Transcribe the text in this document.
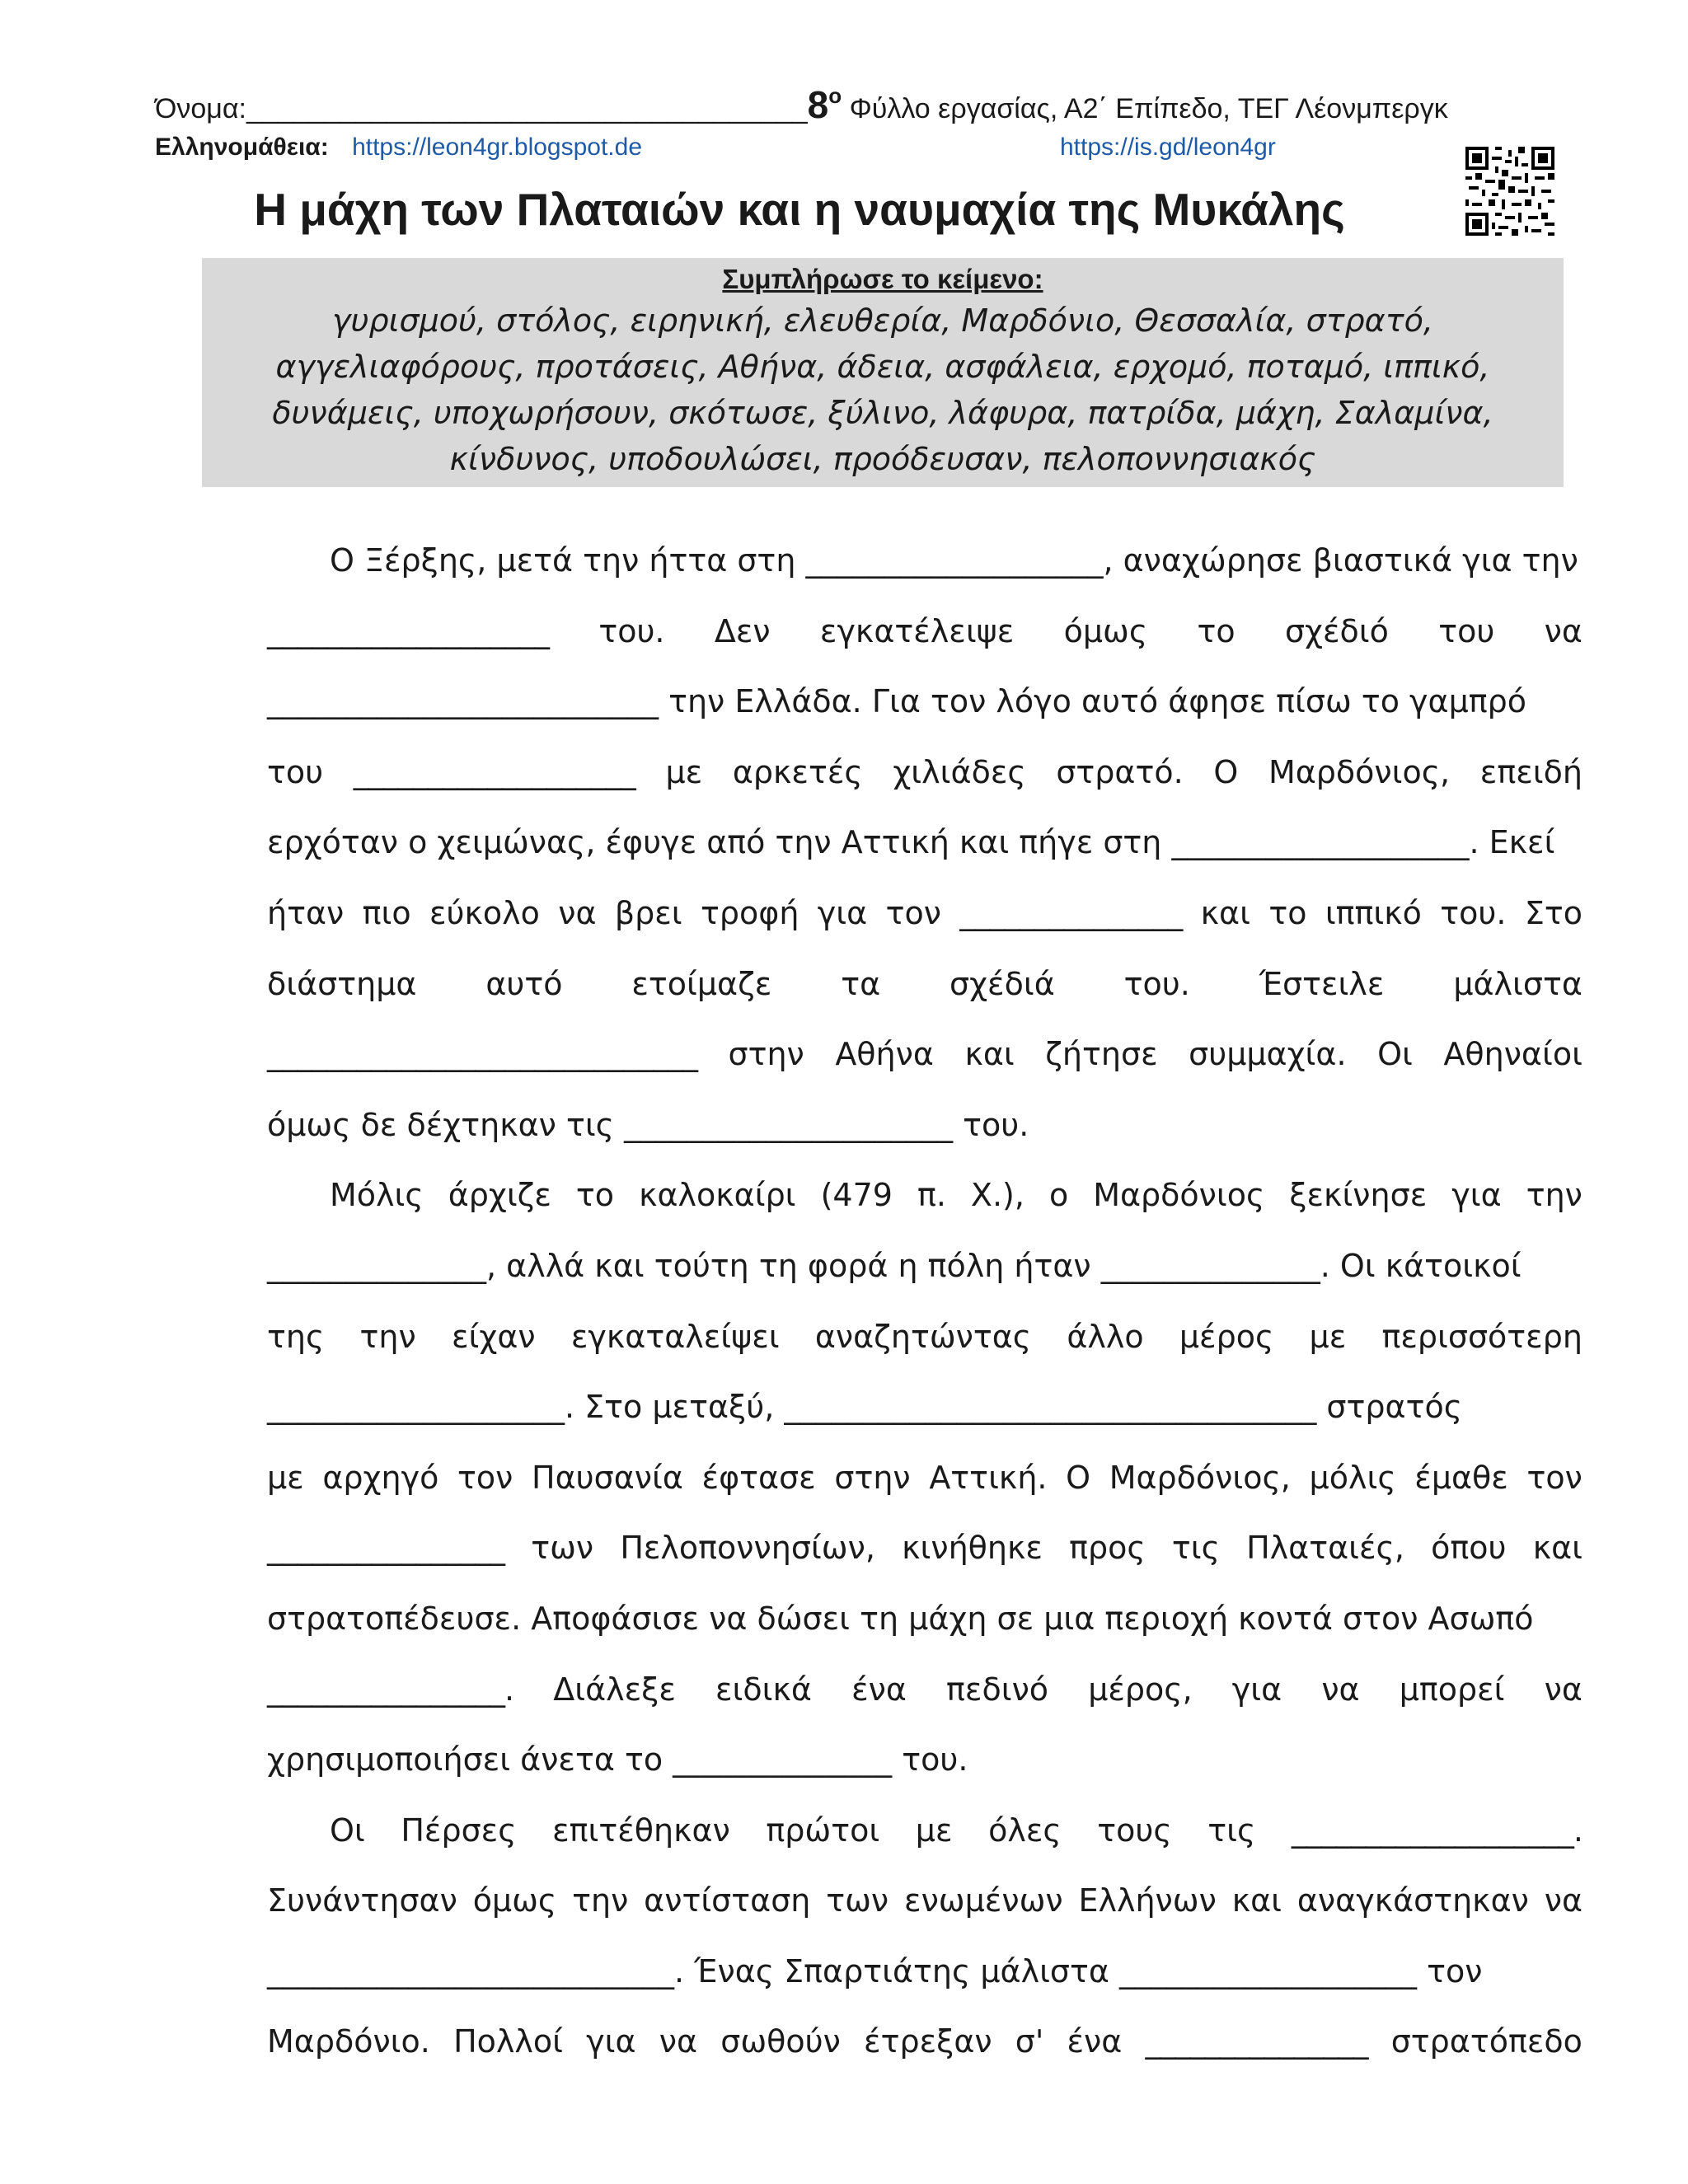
$Ό\nu o\mu\alpha:\_\_\_\_\_\_\_\_\_\_\_\_\_\_\_\_\_\_\_\_\_\_\_\_\_\_\_\_\_\_\_\_\_\_\_\_8^o$ Φύλλο εργασίας, Α2΄ Επίπεδο, ΤΕΓ Λέονμπεργκ
Ελληνομάθεια: https://leon4gr.blogspot.de	https://is.gd/leon4gr
Η μάχη των Πλαταιών και η ναυμαχία της Μυκάλης
Συμπλήρωσε το κείμενο:
γυρισμού, στόλος, ειρηνική, ελευθερία, Μαρδόνιο, Θεσσαλία, στρατό,
αγγελιαφόρους, προτάσεις, Αθήνα, άδεια, ασφάλεια, ερχομό, ποταμό, ιππικό,
δυνάμεις, υποχωρήσουν, σκότωσε, ξύλινο, λάφυρα, πατρίδα, μάχη, Σαλαμίνα,
κίνδυνος, υποδουλώσει, προόδευσαν, πελοποννησιακός
Ο Ξέρξης, μετά την ήττα στη ___________________, αναχώρησε βιαστικά για την
___________________ του. Δεν εγκατέλειψε όμως το σχέδιό του να
_________________________ την Ελλάδα. Για τον λόγο αυτό άφησε πίσω το γαμπρό
του ___________________ με αρκετές χιλιάδες στρατό. Ο Μαρδόνιος, επειδή
ερχόταν ο χειμώνας, έφυγε από την Αττική και πήγε στη ___________________. Εκεί
ήταν πιο εύκολο να βρει τροφή για τον _______________ και το ιππικό του. Στο
διάστημα αυτό ετοίμαζε τα σχέδιά του. Έστειλε μάλιστα
_____________________________ στην Αθήνα και ζήτησε συμμαχία. Οι Αθηναίοι
όμως δε δέχτηκαν τις _____________________ του.
Μόλις άρχιζε το καλοκαίρι (479 π. Χ.), ο Μαρδόνιος ξεκίνησε για την
______________, αλλά και τούτη τη φορά η πόλη ήταν ______________. Οι κάτοικοί
της την είχαν εγκαταλείψει αναζητώντας άλλο μέρος με περισσότερη
___________________. Στο μεταξύ, __________________________________ στρατός
με αρχηγό τον Παυσανία έφτασε στην Αττική. Ο Μαρδόνιος, μόλις έμαθε τον
________________ των Πελοποννησίων, κινήθηκε προς τις Πλαταιές, όπου και
στρατοπέδευσε. Αποφάσισε να δώσει τη μάχη σε μια περιοχή κοντά στον Ασωπό
________________. Διάλεξε ειδικά ένα πεδινό μέρος, για να μπορεί να
χρησιμοποιήσει άνετα το ______________ του.
Οι Πέρσες επιτέθηκαν πρώτοι με όλες τους τις ___________________.
Συνάντησαν όμως την αντίσταση των ενωμένων Ελλήνων και αναγκάστηκαν να
__________________________. Ένας Σπαρτιάτης μάλιστα ___________________ τον
Μαρδόνιο. Πολλοί για να σωθούν έτρεξαν σ' ένα _______________ στρατόπεδο
